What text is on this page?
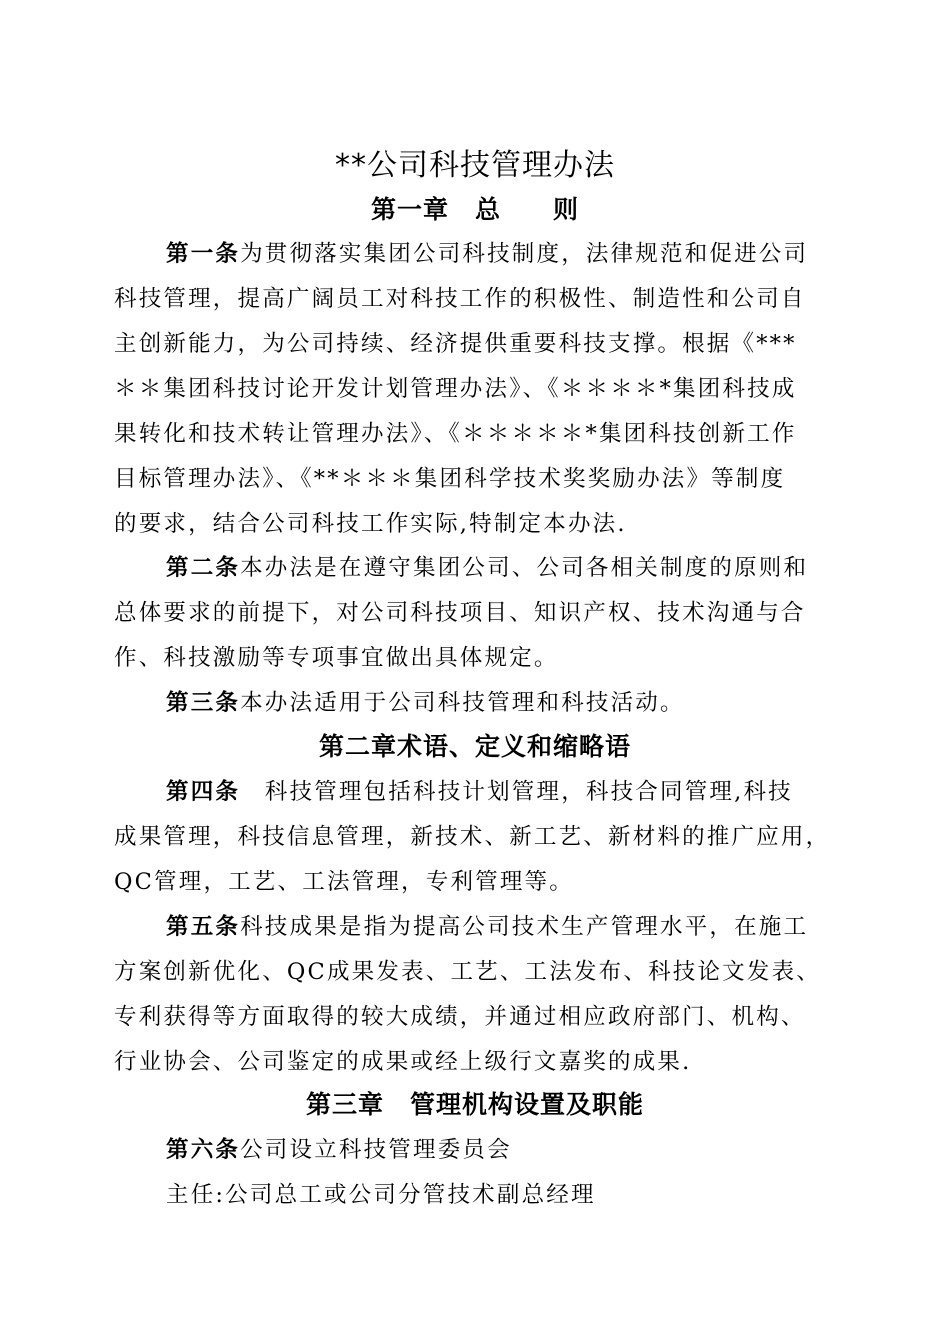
**公司科技管理办法
第一章　总　　则
第一条为贯彻落实集团公司科技制度，法律规范和促进公司
科技管理，提高广阔员工对科技工作的积极性、制造性和公司自
主创新能力，为公司持续、经济提供重要科技支撑。根据《***
＊＊集团科技讨论开发计划管理办法》、《＊＊＊＊*集团科技成
果转化和技术转让管理办法》、《＊＊＊＊＊*集团科技创新工作
目标管理办法》、《**＊＊＊集团科学技术奖奖励办法》等制度
的要求，结合公司科技工作实际,特制定本办法.
第二条本办法是在遵守集团公司、公司各相关制度的原则和
总体要求的前提下，对公司科技项目、知识产权、技术沟通与合
作、科技激励等专项事宜做出具体规定。
第三条本办法适用于公司科技管理和科技活动。
第二章术语、定义和缩略语
第四条　科技管理包括科技计划管理，科技合同管理,科技
成果管理，科技信息管理，新技术、新工艺、新材料的推广应用，
QC管理，工艺、工法管理，专利管理等。
第五条科技成果是指为提高公司技术生产管理水平，在施工
方案创新优化、QC成果发表、工艺、工法发布、科技论文发表、
专利获得等方面取得的较大成绩，并通过相应政府部门、机构、
行业协会、公司鉴定的成果或经上级行文嘉奖的成果.
第三章　管理机构设置及职能
第六条公司设立科技管理委员会
主任:公司总工或公司分管技术副总经理
